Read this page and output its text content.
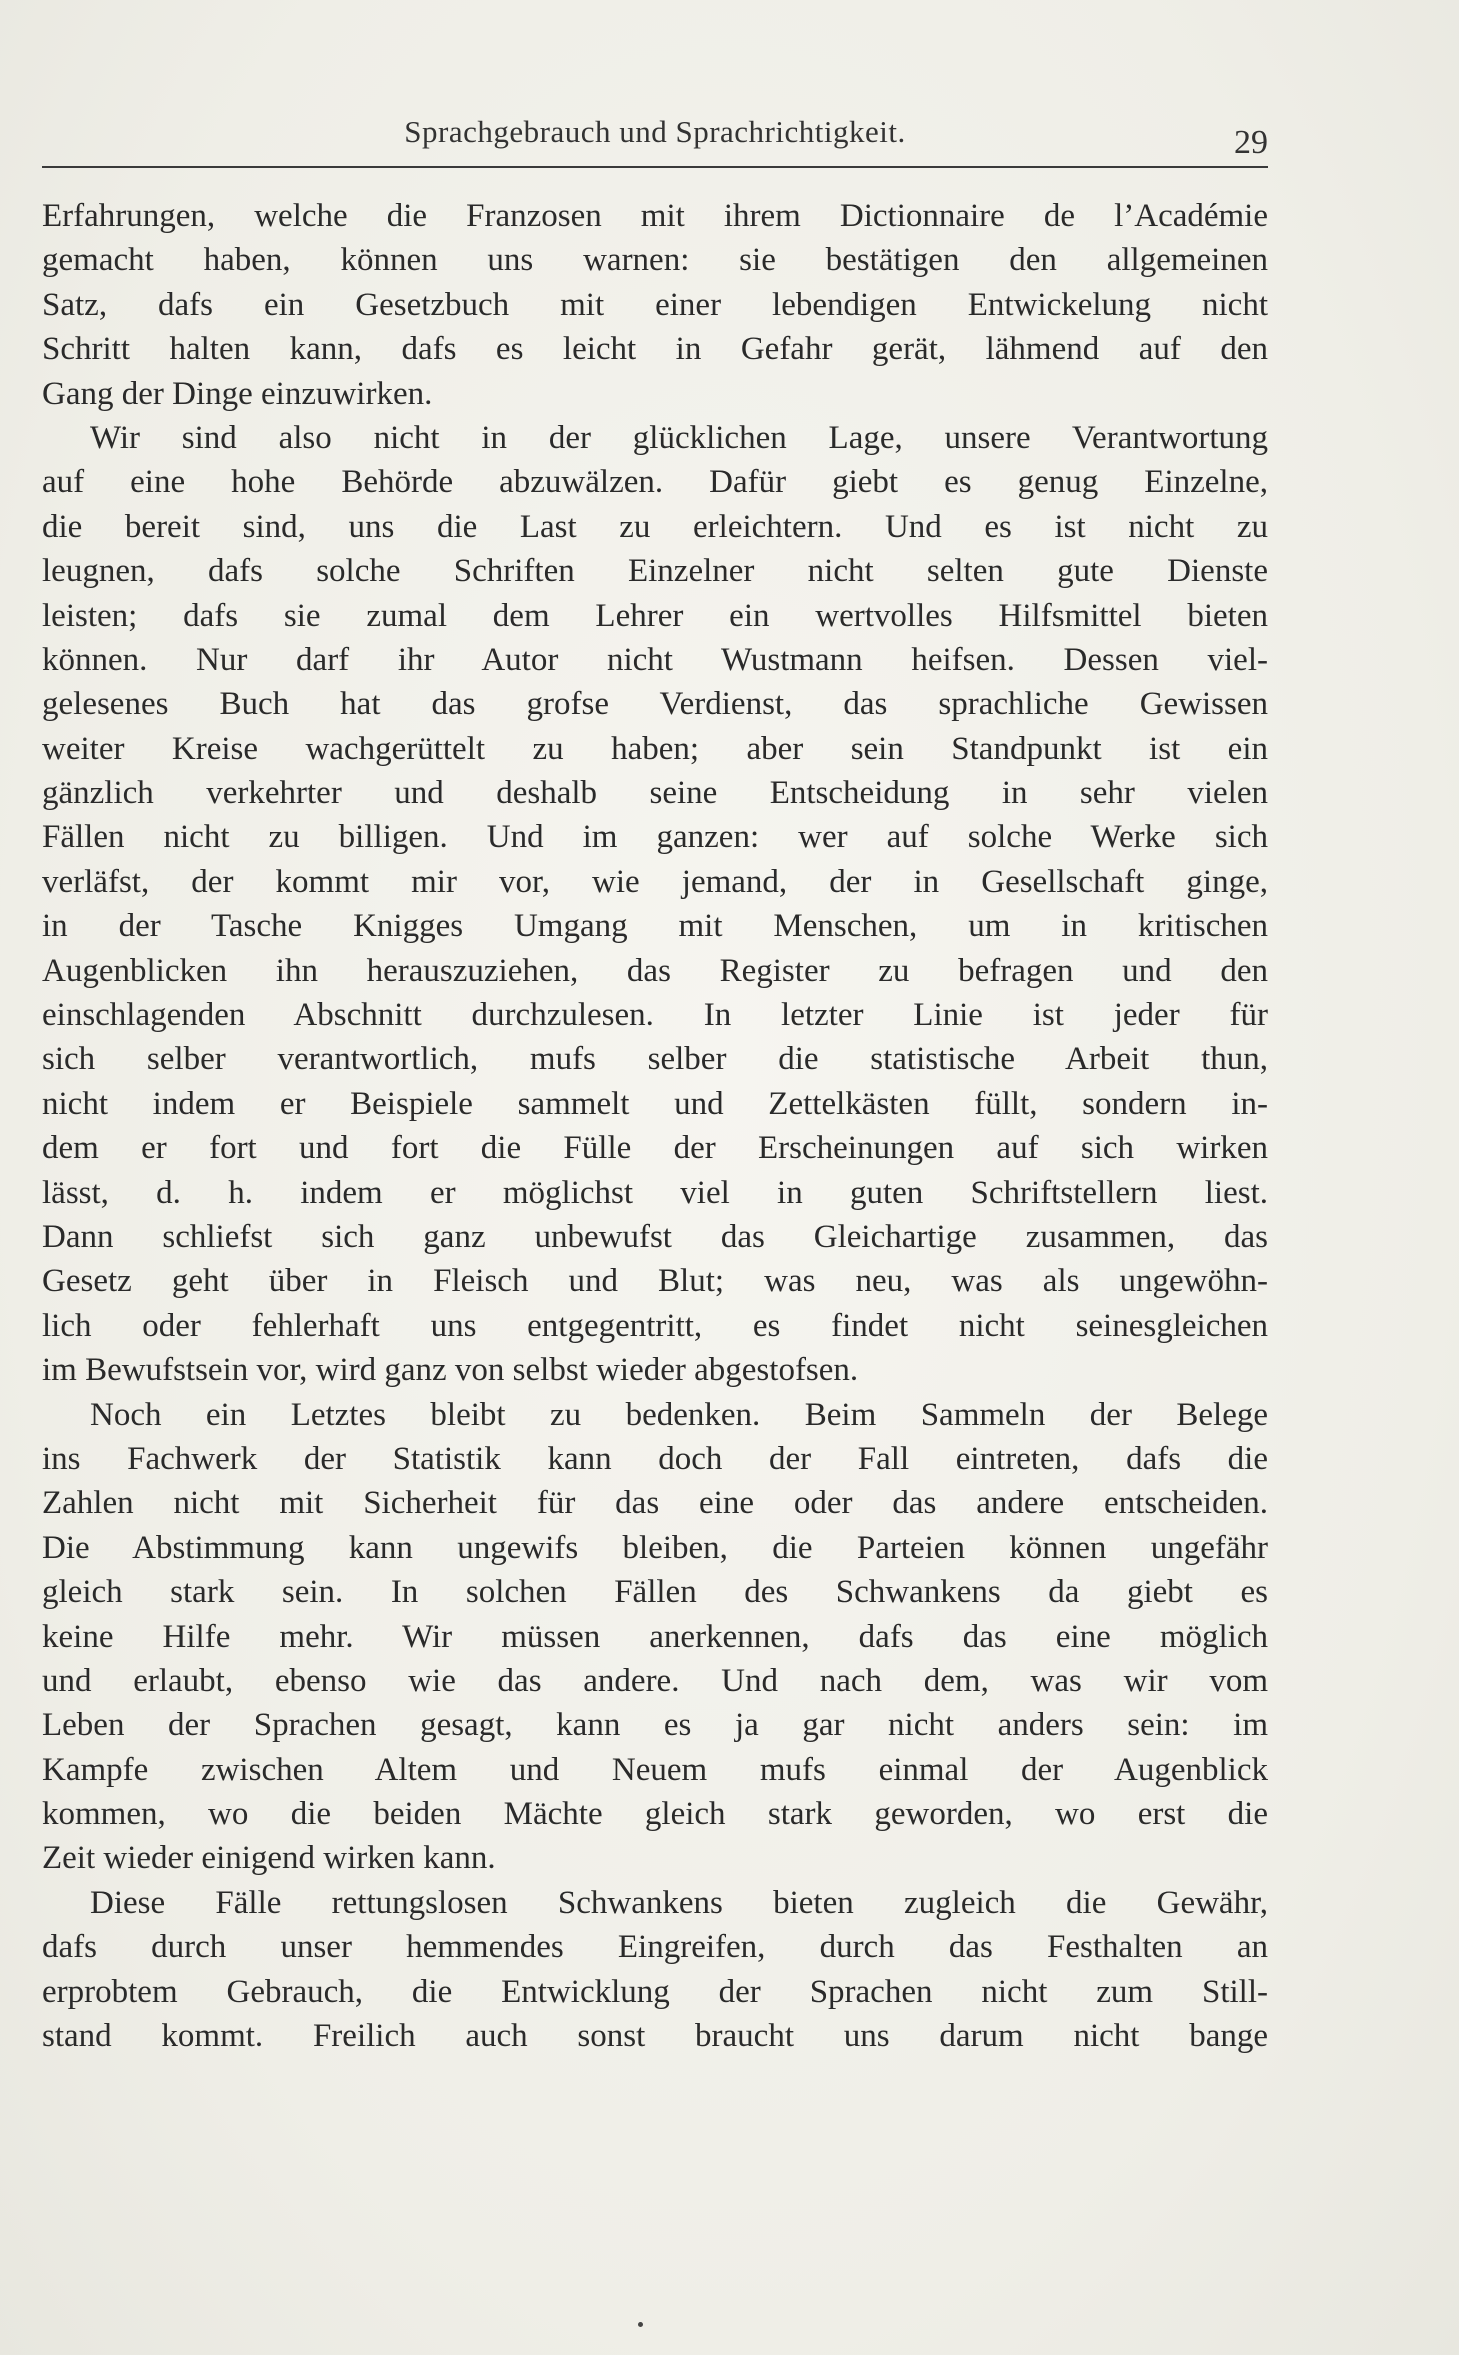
Sprachgebrauch und Sprachrichtigkeit.	29
Erfahrungen, welche die Franzosen mit ihrem Dictionnaire de l’Académie
gemacht haben, können uns warnen: sie bestätigen den allgemeinen
Satz, dafs ein Gesetzbuch mit einer lebendigen Entwickelung nicht
Schritt halten kann, dafs es leicht in Gefahr gerät, lähmend auf den
Gang der Dinge einzuwirken.
Wir sind also nicht in der glücklichen Lage, unsere Verantwortung
auf eine hohe Behörde abzuwälzen. Dafür giebt es genug Einzelne,
die bereit sind, uns die Last zu erleichtern. Und es ist nicht zu
leugnen, dafs solche Schriften Einzelner nicht selten gute Dienste
leisten; dafs sie zumal dem Lehrer ein wertvolles Hilfsmittel bieten
können. Nur darf ihr Autor nicht Wustmann heifsen. Dessen viel-
gelesenes Buch hat das grofse Verdienst, das sprachliche Gewissen
weiter Kreise wachgerüttelt zu haben; aber sein Standpunkt ist ein
gänzlich verkehrter und deshalb seine Entscheidung in sehr vielen
Fällen nicht zu billigen. Und im ganzen: wer auf solche Werke sich
verläfst, der kommt mir vor, wie jemand, der in Gesellschaft ginge,
in der Tasche Knigges Umgang mit Menschen, um in kritischen
Augenblicken ihn herauszuziehen, das Register zu befragen und den
einschlagenden Abschnitt durchzulesen. In letzter Linie ist jeder für
sich selber verantwortlich, mufs selber die statistische Arbeit thun,
nicht indem er Beispiele sammelt und Zettelkästen füllt, sondern in-
dem er fort und fort die Fülle der Erscheinungen auf sich wirken
lässt, d. h. indem er möglichst viel in guten Schriftstellern liest.
Dann schliefst sich ganz unbewufst das Gleichartige zusammen, das
Gesetz geht über in Fleisch und Blut; was neu, was als ungewöhn-
lich oder fehlerhaft uns entgegentritt, es findet nicht seinesgleichen
im Bewufstsein vor, wird ganz von selbst wieder abgestofsen.
Noch ein Letztes bleibt zu bedenken. Beim Sammeln der Belege
ins Fachwerk der Statistik kann doch der Fall eintreten, dafs die
Zahlen nicht mit Sicherheit für das eine oder das andere entscheiden.
Die Abstimmung kann ungewifs bleiben, die Parteien können ungefähr
gleich stark sein. In solchen Fällen des Schwankens da giebt es
keine Hilfe mehr. Wir müssen anerkennen, dafs das eine möglich
und erlaubt, ebenso wie das andere. Und nach dem, was wir vom
Leben der Sprachen gesagt, kann es ja gar nicht anders sein: im
Kampfe zwischen Altem und Neuem mufs einmal der Augenblick
kommen, wo die beiden Mächte gleich stark geworden, wo erst die
Zeit wieder einigend wirken kann.
Diese Fälle rettungslosen Schwankens bieten zugleich die Gewähr,
dafs durch unser hemmendes Eingreifen, durch das Festhalten an
erprobtem Gebrauch, die Entwicklung der Sprachen nicht zum Still-
stand kommt. Freilich auch sonst braucht uns darum nicht bange
